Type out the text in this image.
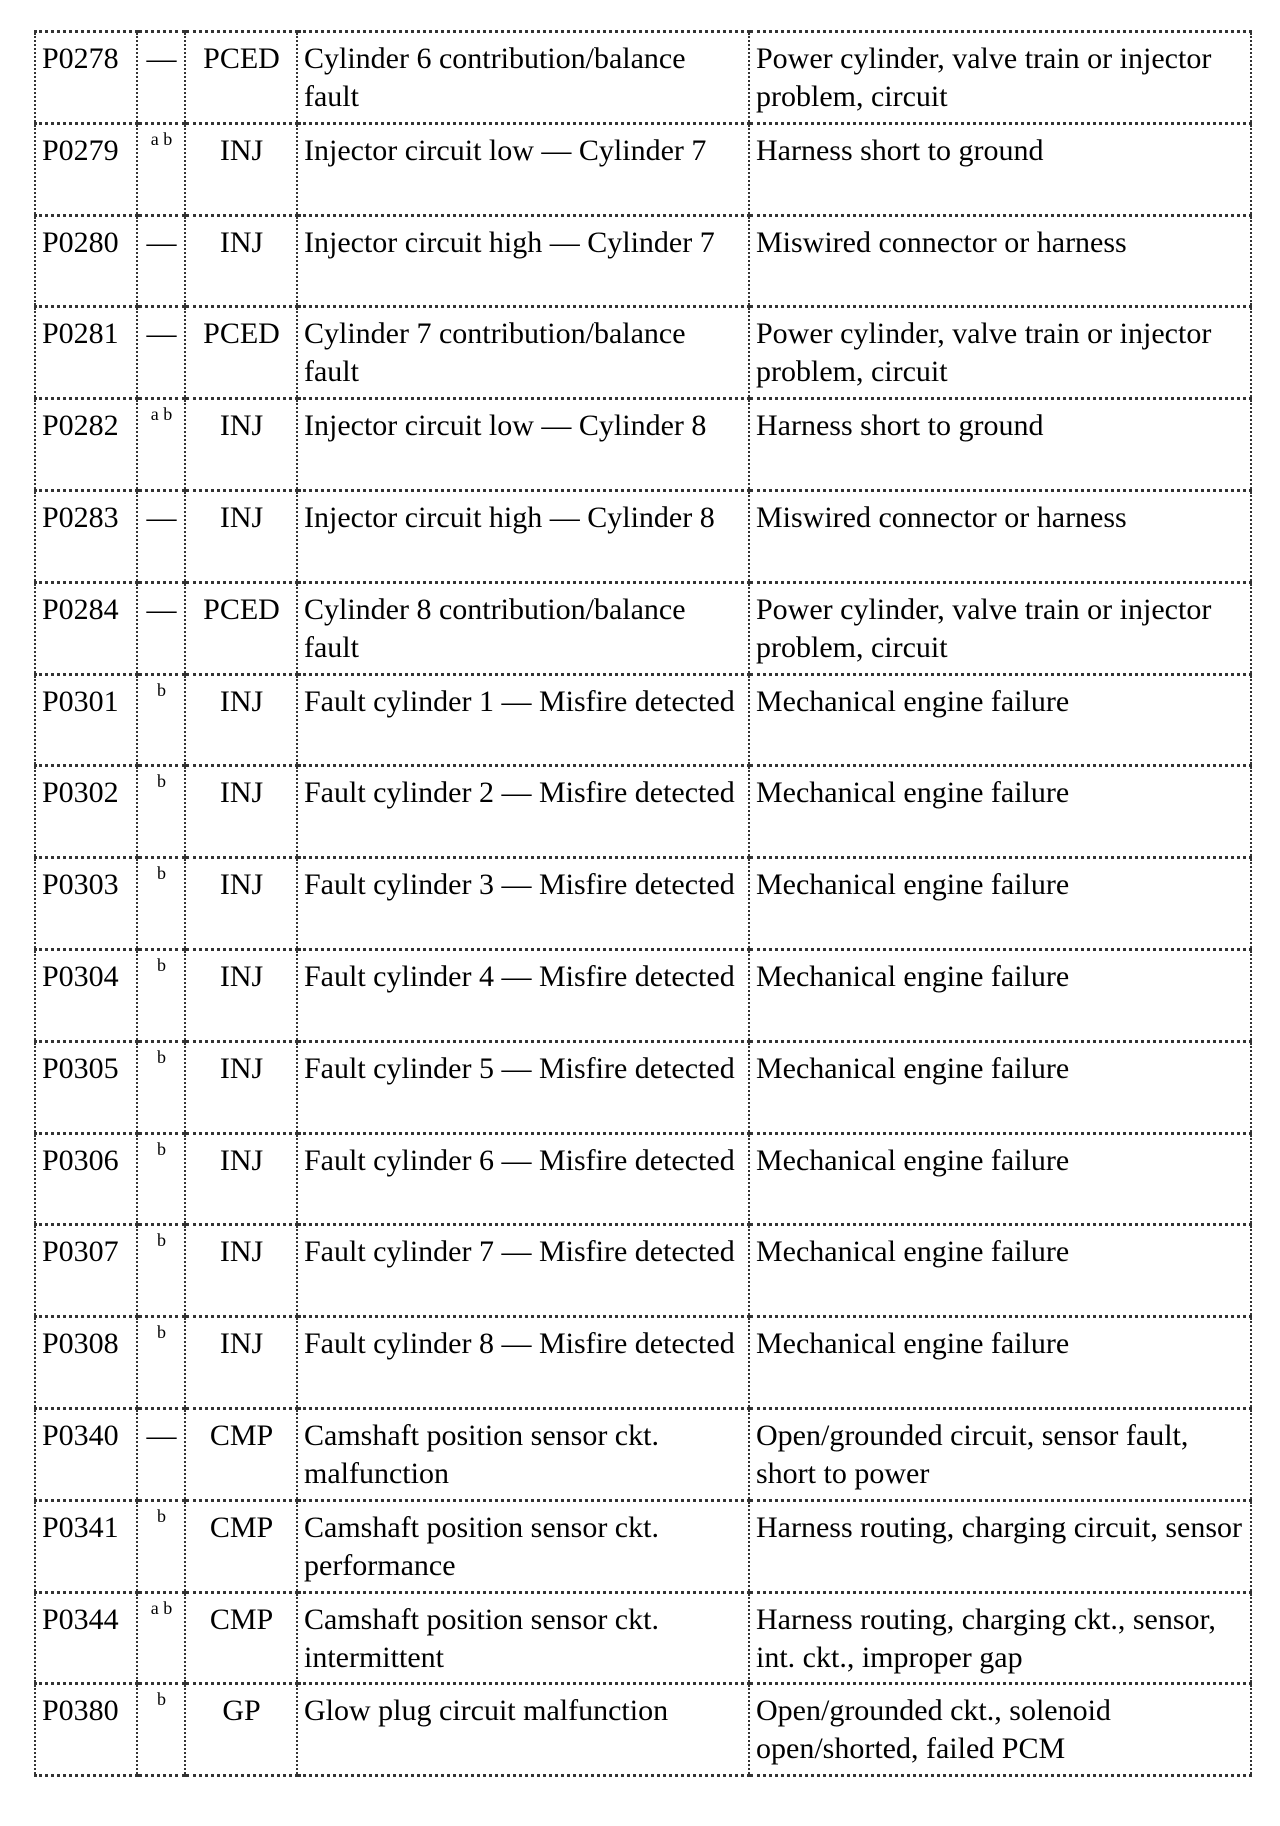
P0278	—	PCED	Cylinder 6 contribution/balance fault	Power cylinder, valve train or injector problem, circuit
P0279	$^{a b}$	INJ	Injector circuit low — Cylinder 7	Harness short to ground
P0280	—	INJ	Injector circuit high — Cylinder 7	Miswired connector or harness
P0281	—	PCED	Cylinder 7 contribution/balance fault	Power cylinder, valve train or injector problem, circuit
P0282	$^{a b}$	INJ	Injector circuit low — Cylinder 8	Harness short to ground
P0283	—	INJ	Injector circuit high — Cylinder 8	Miswired connector or harness
P0284	—	PCED	Cylinder 8 contribution/balance fault	Power cylinder, valve train or injector problem, circuit
P0301	$^b$	INJ	Fault cylinder 1 — Misfire detected	Mechanical engine failure
P0302	$^b$	INJ	Fault cylinder 2 — Misfire detected	Mechanical engine failure
P0303	$^b$	INJ	Fault cylinder 3 — Misfire detected	Mechanical engine failure
P0304	$^b$	INJ	Fault cylinder 4 — Misfire detected	Mechanical engine failure
P0305	$^b$	INJ	Fault cylinder 5 — Misfire detected	Mechanical engine failure
P0306	$^b$	INJ	Fault cylinder 6 — Misfire detected	Mechanical engine failure
P0307	$^b$	INJ	Fault cylinder 7 — Misfire detected	Mechanical engine failure
P0308	$^b$	INJ	Fault cylinder 8 — Misfire detected	Mechanical engine failure
P0340	—	CMP	Camshaft position sensor ckt. malfunction	Open/grounded circuit, sensor fault, short to power
P0341	$^b$	CMP	Camshaft position sensor ckt. performance	Harness routing, charging circuit, sensor
P0344	$^{a b}$	CMP	Camshaft position sensor ckt. intermittent	Harness routing, charging ckt., sensor, int. ckt., improper gap
P0380	$^b$	GP	Glow plug circuit malfunction	Open/grounded ckt., solenoid open/shorted, failed PCM
